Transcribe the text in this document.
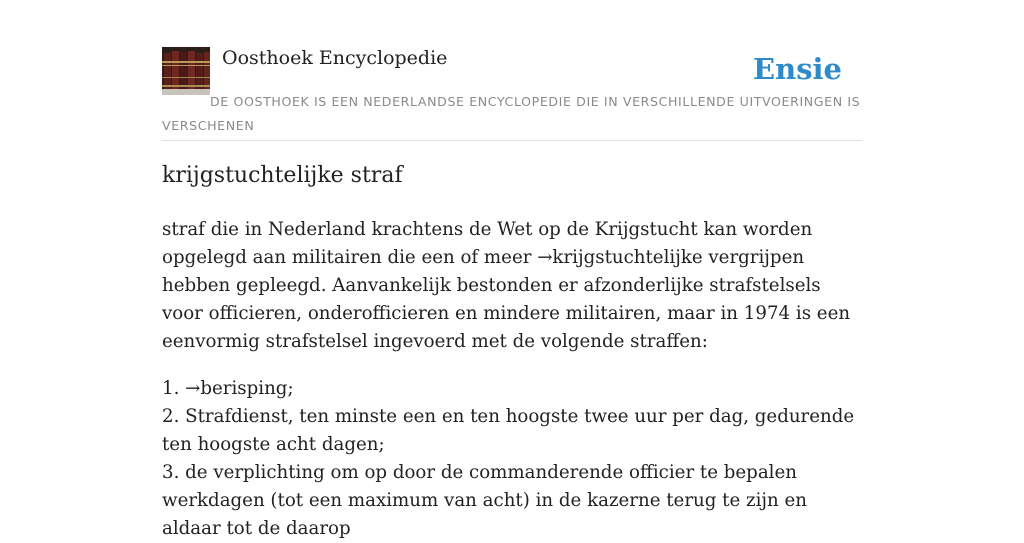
Oosthoek Encyclopedie	Ensie
DE OOSTHOEK IS EEN NEDERLANDSE ENCYCLOPEDIE DIE IN VERSCHILLENDE UITVOERINGEN IS VERSCHENEN
krijgstuchtelijke straf

straf die in Nederland krachtens de Wet op de Krijgstucht kan worden opgelegd aan militairen die een of meer →krijgstuchtelijke vergrijpen hebben gepleegd. Aanvankelijk bestonden er afzonderlijke strafstelsels voor officieren, onderofficieren en mindere militairen, maar in 1974 is een eenvormig strafstelsel ingevoerd met de volgende straffen:

1. →berisping;
2. Strafdienst, ten minste een en ten hoogste twee uur per dag, gedurende ten hoogste acht dagen;
3. de verplichting om op door de commanderende officier te bepalen werkdagen (tot een maximum van acht) in de kazerne terug te zijn en aldaar tot de daarop
